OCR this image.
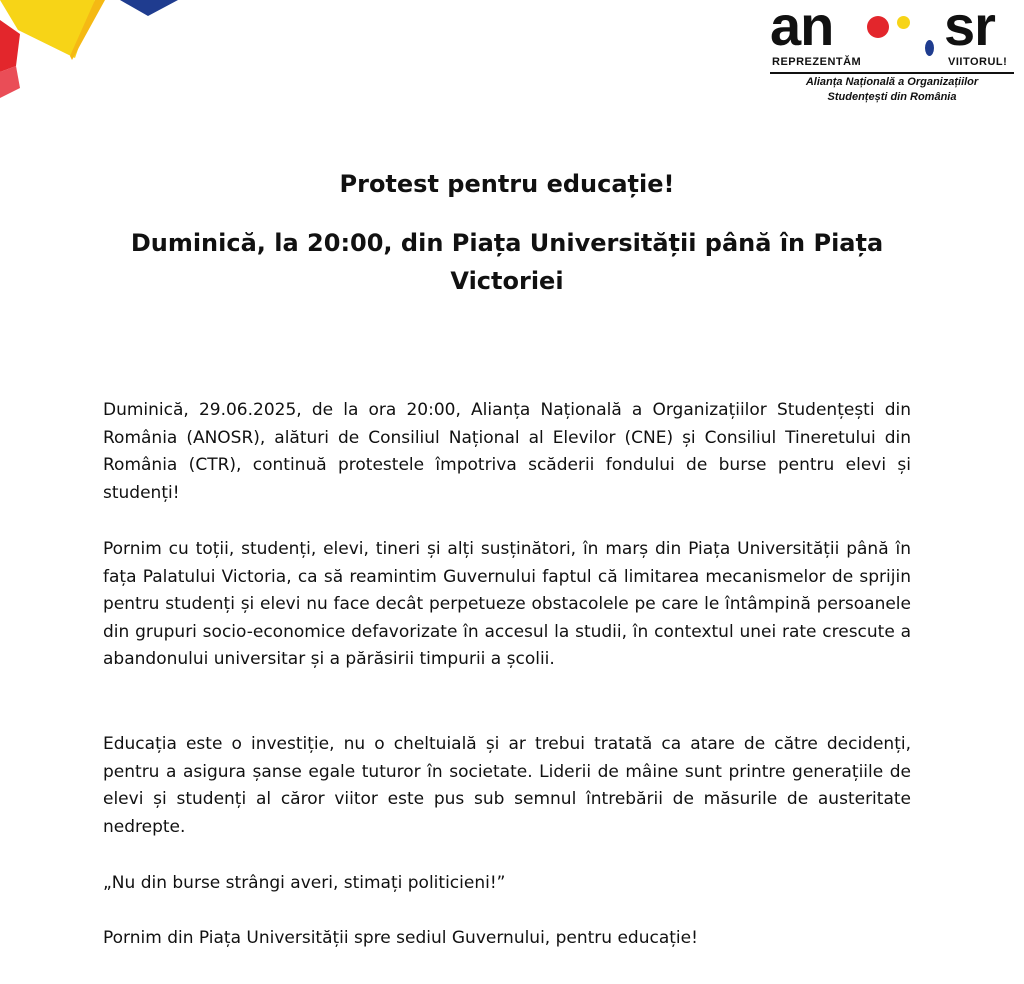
an sr
REPREZENTĂM	VIITORUL!
Alianța Națională a Organizațiilor
Studențești din România
Protest pentru educație!
Duminică, la 20:00, din Piața Universității până în Piața Victoriei

Duminică, 29.06.2025, de la ora 20:00, Alianța Națională a Organizațiilor Studențești din România (ANOSR), alături de Consiliul Național al Elevilor (CNE) și Consiliul Tineretului din România (CTR), continuă protestele împotriva scăderii fondului de burse pentru elevi și studenți!

Pornim cu toții, studenți, elevi, tineri și alți susținători, în marș din Piața Universității până în fața Palatului Victoria, ca să reamintim Guvernului faptul că limitarea mecanismelor de sprijin pentru studenți și elevi nu face decât perpetueze obstacolele pe care le întâmpină persoanele din grupuri socio-economice defavorizate în accesul la studii, în contextul unei rate crescute a abandonului universitar și a părăsirii timpurii a școlii.

Educația este o investiție, nu o cheltuială și ar trebui tratată ca atare de către decidenți, pentru a asigura șanse egale tuturor în societate. Liderii de mâine sunt printre generațiile de elevi și studenți al căror viitor este pus sub semnul întrebării de măsurile de austeritate nedrepte.

„Nu din burse strângi averi, stimați politicieni!”

Pornim din Piața Universității spre sediul Guvernului, pentru educație!
